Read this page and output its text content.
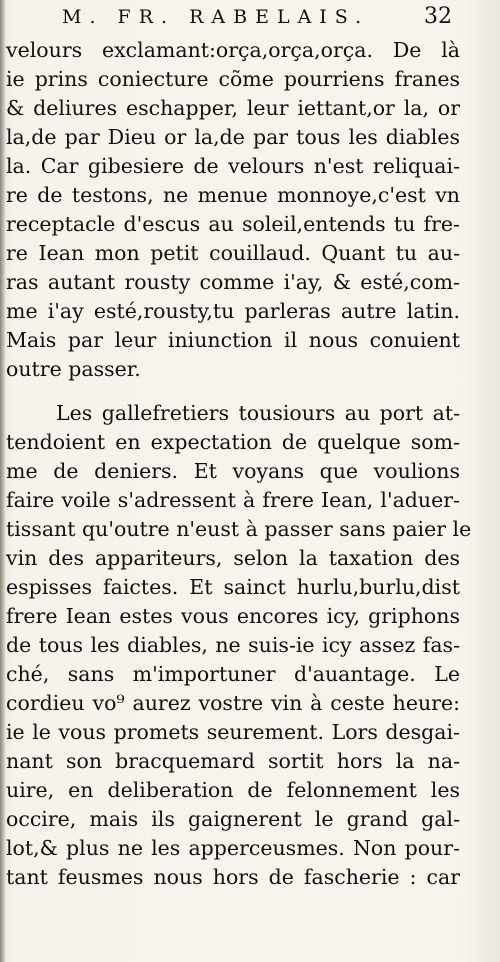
M. FR. RABELAIS. 32
velours exclamant:orça,orça,orça. De là
ie prins coniecture cõme pourriens franes
& deliures eschapper, leur iettant,or la, or
la,de par Dieu or la,de par tous les diables
la. Car gibesiere de velours n'est reliquai-
re de testons, ne menue monnoye,c'est vn
receptacle d'escus au soleil,entends tu fre-
re Iean mon petit couillaud. Quant tu au-
ras autant rousty comme i'ay, & esté,com-
me i'ay esté,rousty,tu parleras autre latin.
Mais par leur iniunction il nous conuient
outre passer.
Les gallefretiers tousiours au port at-
tendoient en expectation de quelque som-
me de deniers. Et voyans que voulions
faire voile s'adressent à frere Iean, l'aduer-
tissant qu'outre n'eust à passer sans paier le
vin des appariteurs, selon la taxation des
espisses faictes. Et sainct hurlu,burlu,dist
frere Iean estes vous encores icy, griphons
de tous les diables, ne suis-ie icy assez fas-
ché, sans m'importuner d'auantage. Le
cordieu vo⁹ aurez vostre vin à ceste heure:
ie le vous promets seurement. Lors desgai-
nant son bracquemard sortit hors la na-
uire, en deliberation de felonnement les
occire, mais ils gaignerent le grand gal-
lot,& plus ne les apperceusmes. Non pour-
tant feusmes nous hors de fascherie : car
